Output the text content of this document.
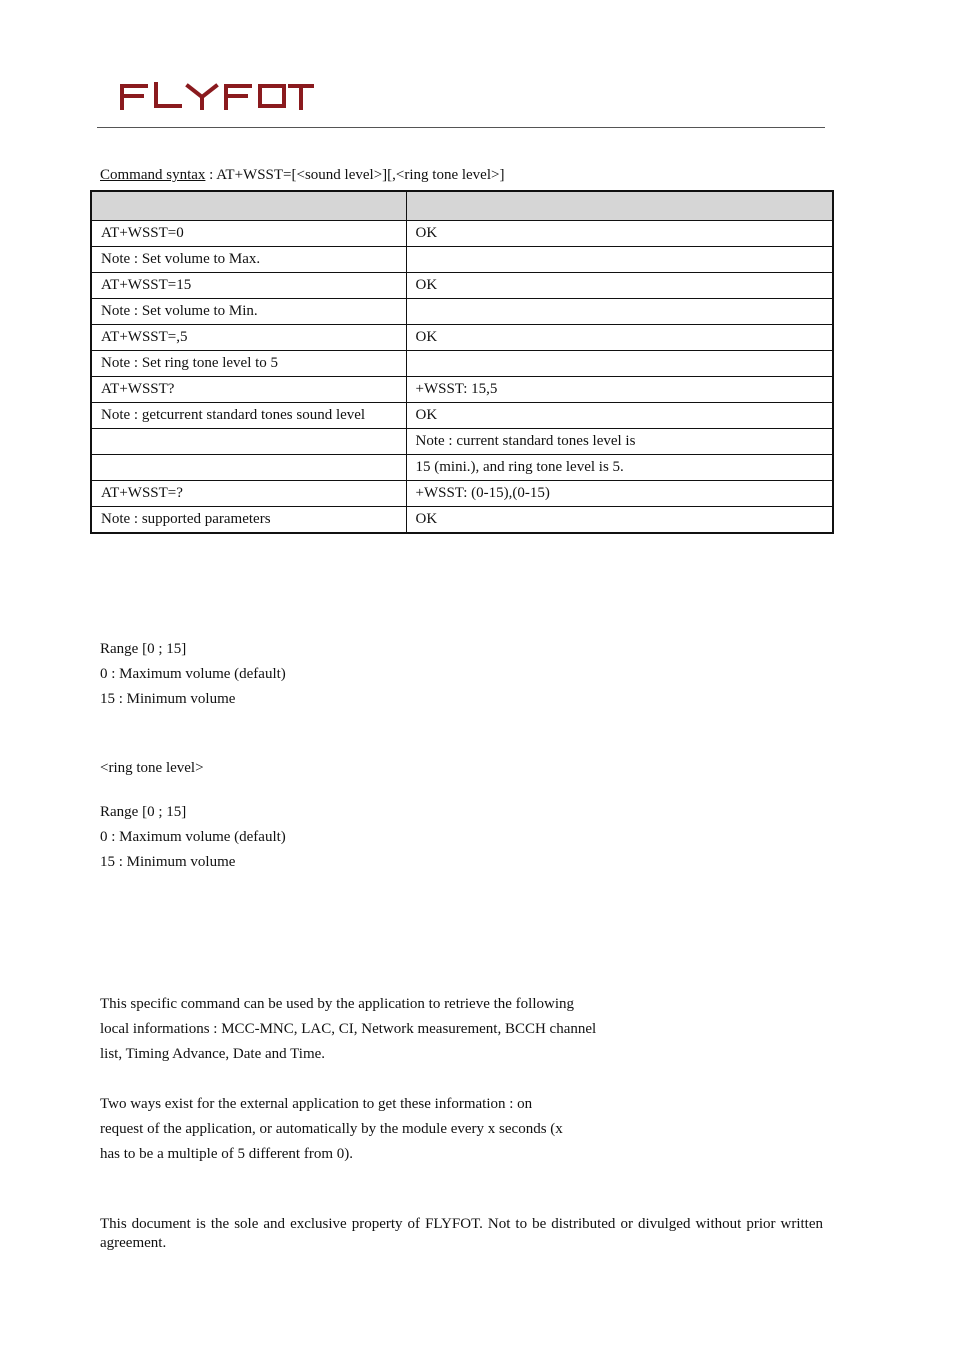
Command syntax : AT+WSST=[<sound level>][,<ring tone level>]

AT+WSST=0	OK
Note : Set volume to Max.	
AT+WSST=15	OK
Note : Set volume to Min.	
AT+WSST=,5	OK
Note : Set ring tone level to 5	
AT+WSST?	+WSST: 15,5
Note : getcurrent standard tones sound level	OK
	Note : current standard tones level is
	15 (mini.), and ring tone level is 5.
AT+WSST=?	+WSST: (0-15),(0-15)
Note : supported parameters	OK
Range [0 ; 15]
0 : Maximum volume (default)
15 : Minimum volume
<ring tone level>
Range [0 ; 15]
0 : Maximum volume (default)
15 : Minimum volume
This specific command can be used by the application to retrieve the following
local informations : MCC-MNC, LAC, CI, Network measurement, BCCH channel
list, Timing Advance, Date and Time.
Two ways exist for the external application to get these information : on
request of the application, or automatically by the module every x seconds (x
has to be a multiple of 5 different from 0).
This document is the sole and exclusive property of FLYFOT. Not to be distributed or divulged without prior written agreement.
